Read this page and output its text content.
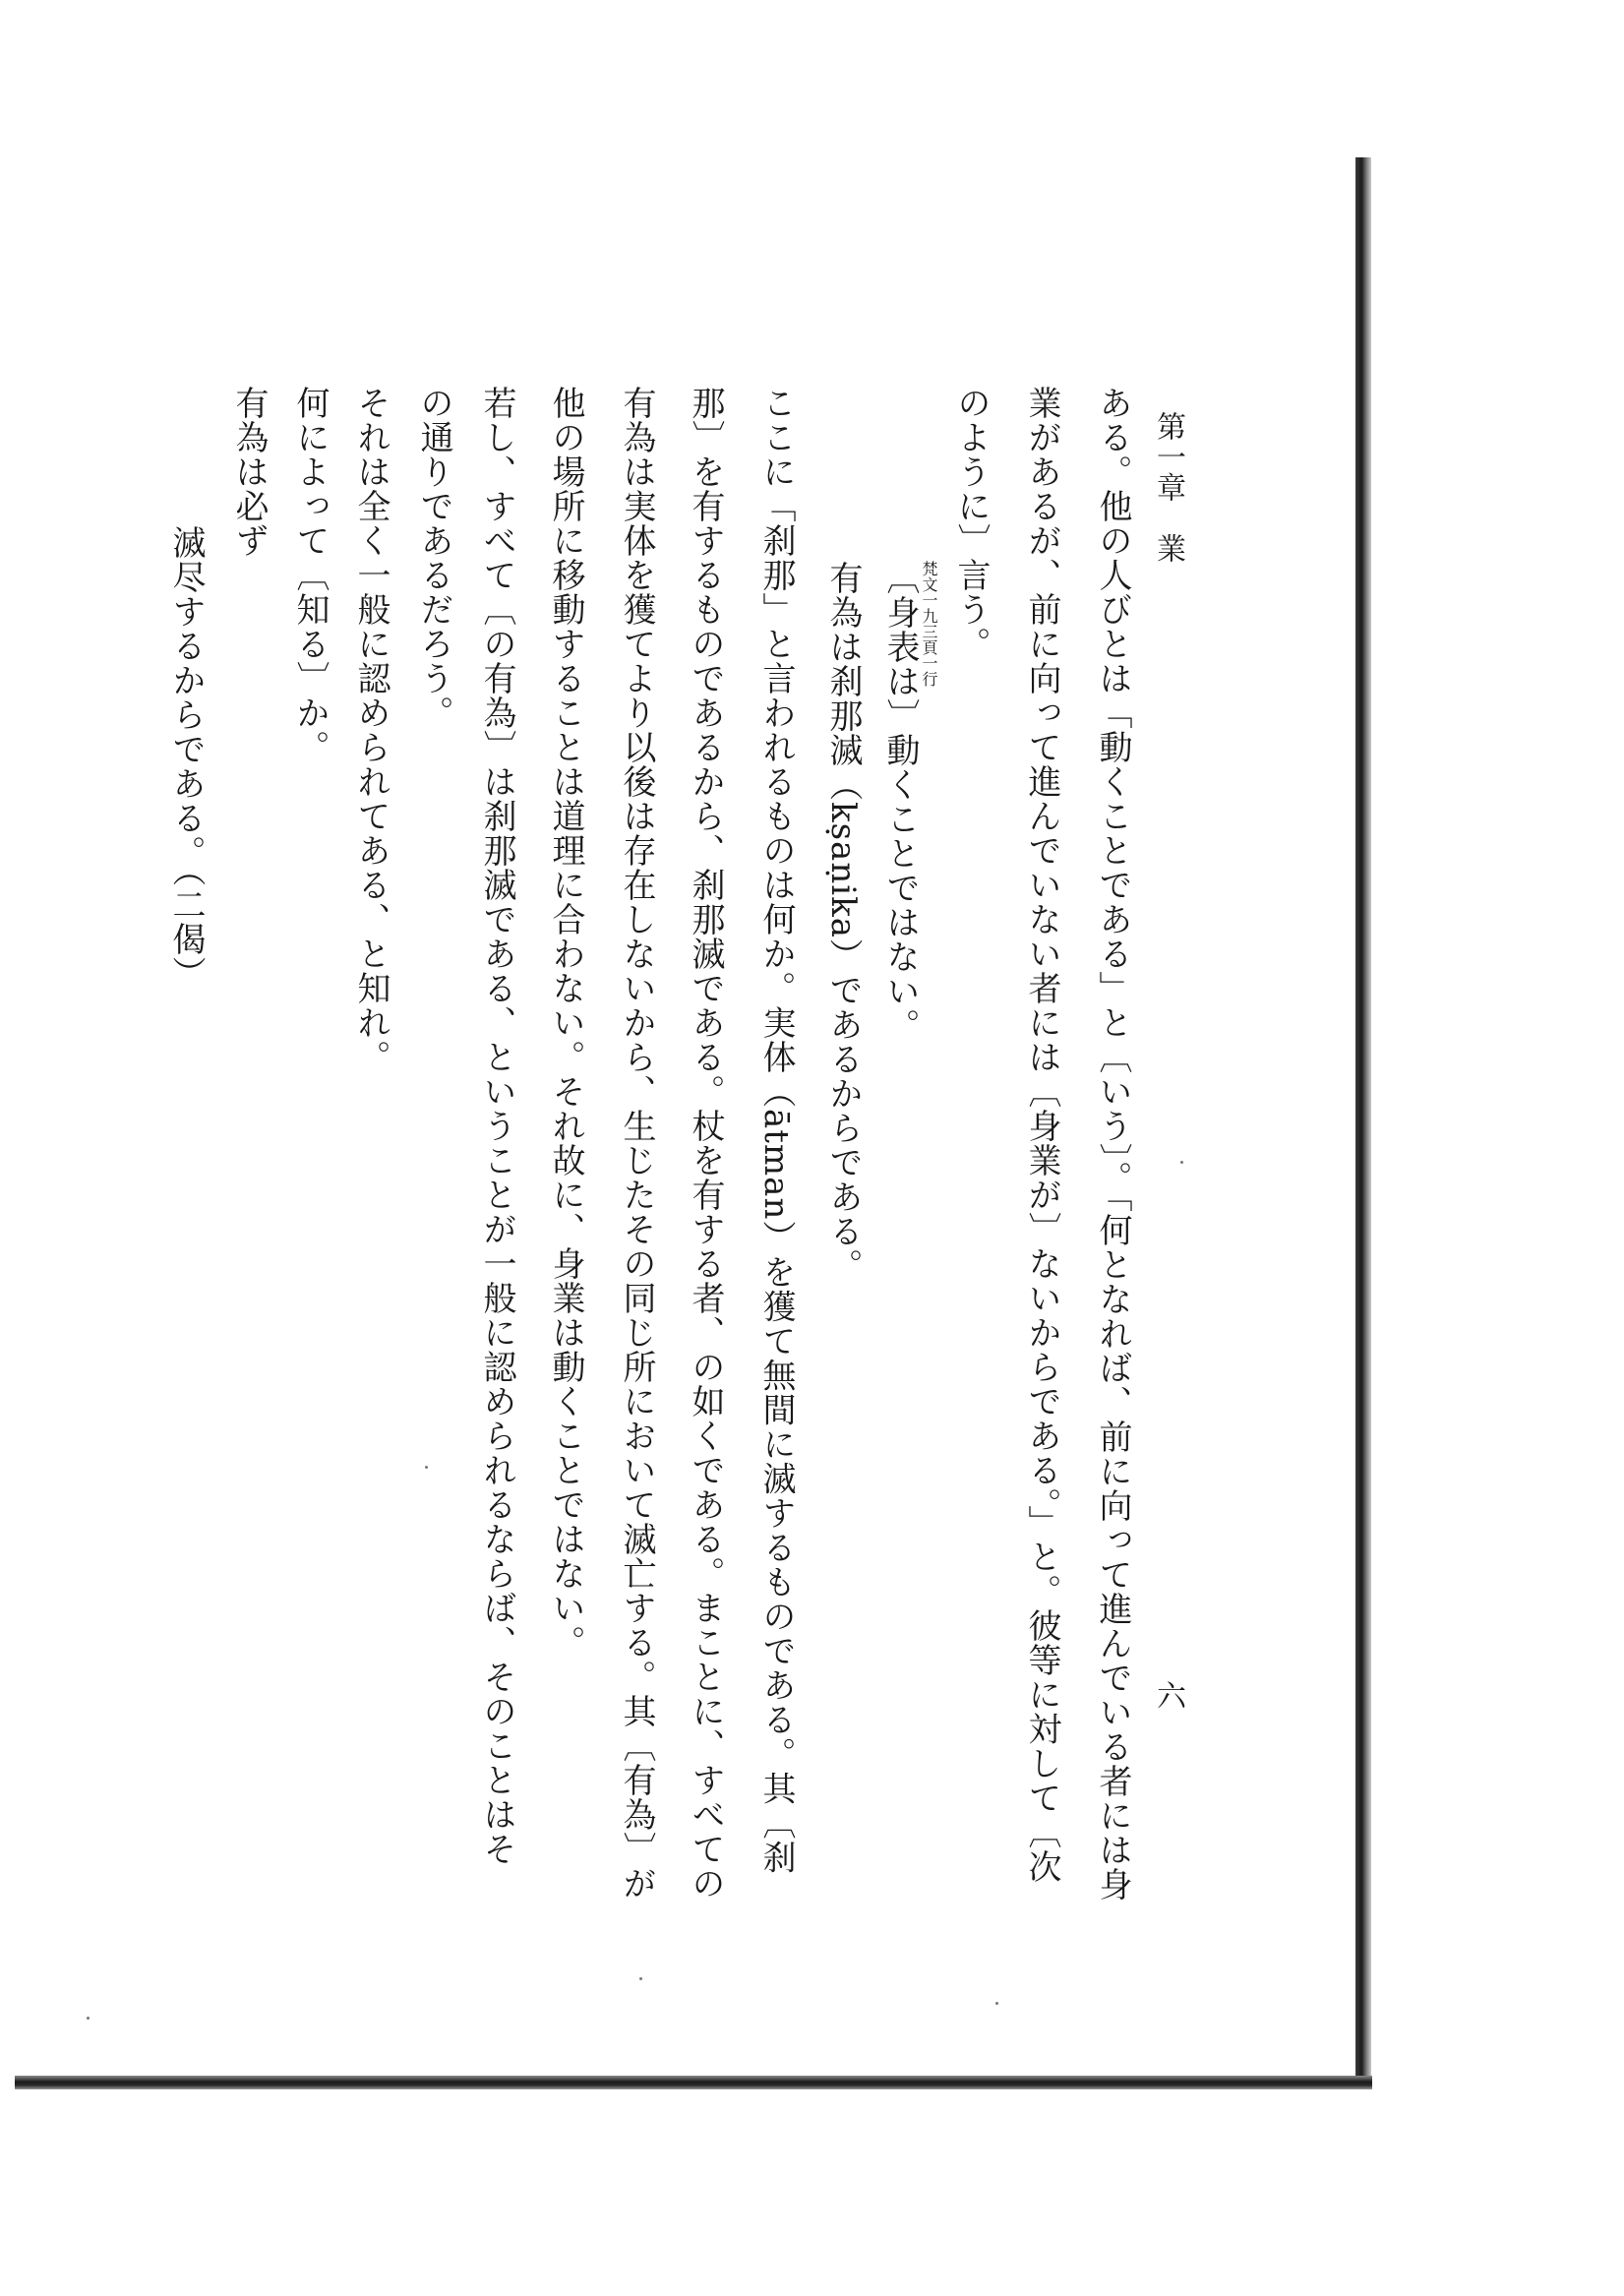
第一章　業
六
ある。他の人びとは「動くことである」と〔いう〕。「何となれば、前に向って進んでいる者には身
業があるが、前に向って進んでいない者には〔身業が〕ないからである。」と。彼等に対して〔次
のように〕言う。
梵文一九三頁一行
〔身表は〕動くことではない。
有為は刹那滅（kṣaṇika）であるからである。
ここに「刹那」と言われるものは何か。実体（ātman）を獲て無間に滅するものである。其〔刹
那〕を有するものであるから、刹那滅である。杖を有する者、の如くである。まことに、すべての
有為は実体を獲てより以後は存在しないから、生じたその同じ所において滅亡する。其〔有為〕が
他の場所に移動することは道理に合わない。それ故に、身業は動くことではない。
若し、すべて〔の有為〕は刹那滅である、ということが一般に認められるならば、そのことはそ
の通りであるだろう。
それは全く一般に認められてある、と知れ。
何によって〔知る〕か。
有為は必ず
滅尽するからである。（二偈）
